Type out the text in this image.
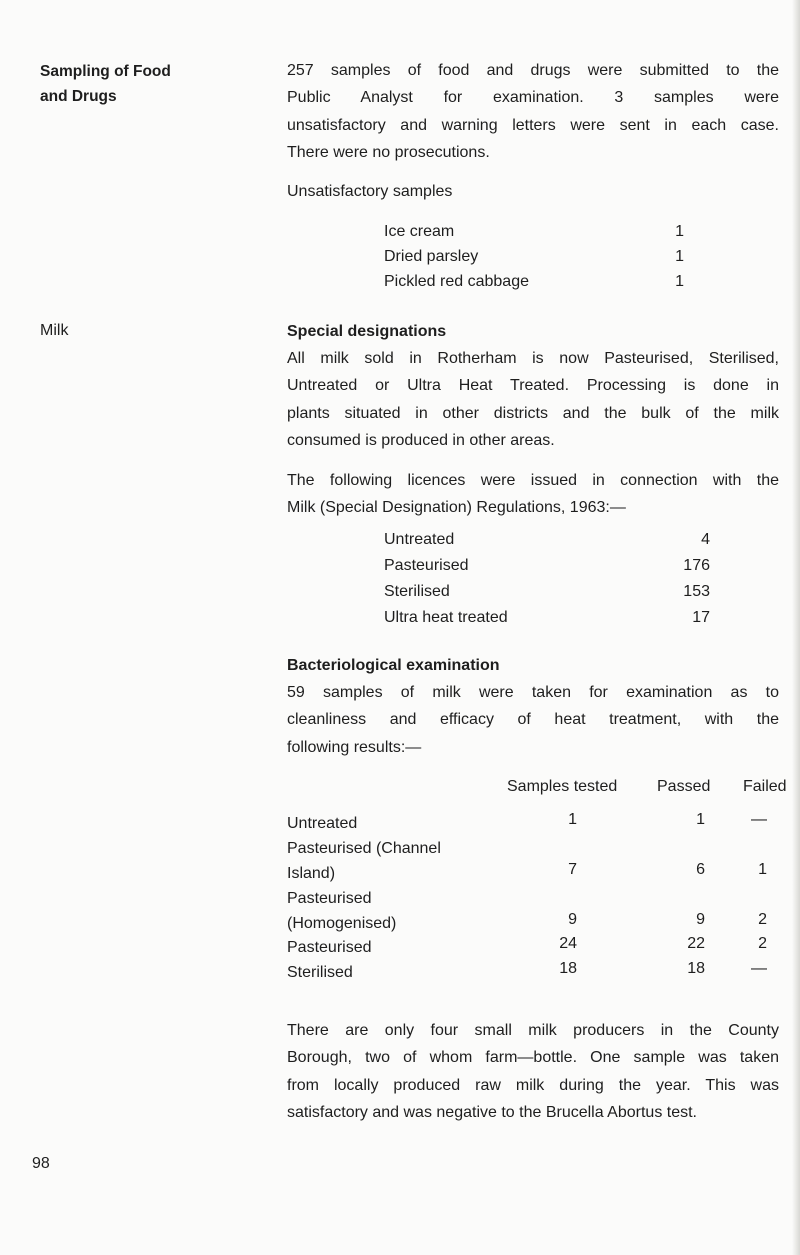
Sampling of Food
and Drugs
257 samples of food and drugs were submitted to the
Public Analyst for examination. 3 samples were
unsatisfactory and warning letters were sent in each case.
There were no prosecutions.
Unsatisfactory samples
Ice cream	1
Dried parsley	1
Pickled red cabbage	1
Milk	Special designations
All milk sold in Rotherham is now Pasteurised, Sterilised,
Untreated or Ultra Heat Treated. Processing is done in
plants situated in other districts and the bulk of the milk
consumed is produced in other areas.
The following licences were issued in connection with the
Milk (Special Designation) Regulations, 1963:—
Untreated	4
Pasteurised	176
Sterilised	153
Ultra heat treated	17
Bacteriological examination
59 samples of milk were taken for examination as to
cleanliness and efficacy of heat treatment, with the
following results:—
Samples tested Passed Failed
Untreated	1	1	—
Pasteurised (Channel
Island)	7	6	1
Pasteurised
(Homogenised)	9	9	2
Pasteurised	24	22	2
Sterilised	18	18	—
There are only four small milk producers in the County
Borough, two of whom farm—bottle. One sample was taken
from locally produced raw milk during the year. This was
satisfactory and was negative to the Brucella Abortus test.
98
